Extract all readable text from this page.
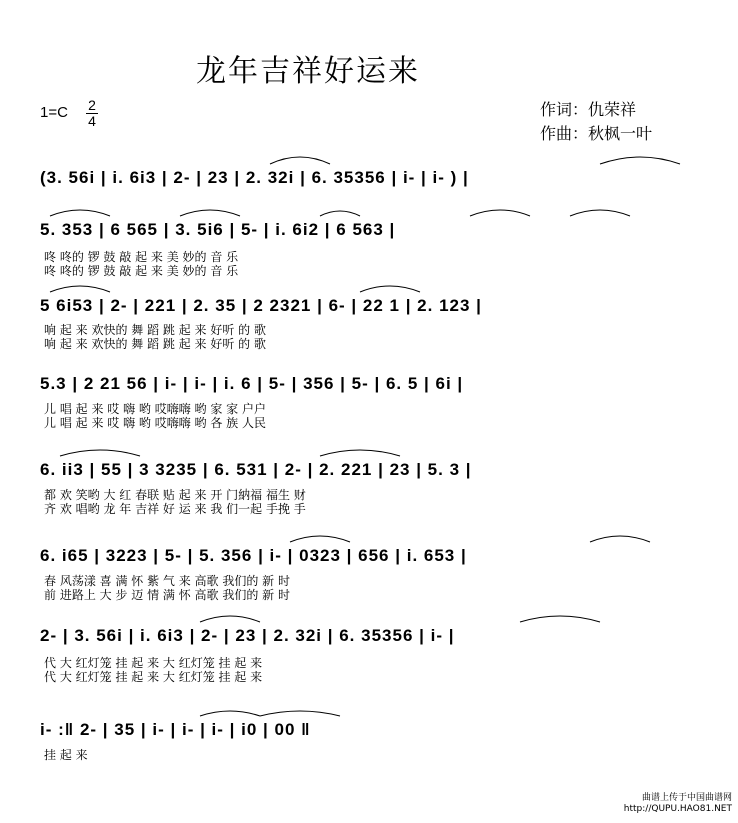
龙年吉祥好运来
1=C 2
4
作词：仇荣祥
作曲：秋枫一叶
(3. 56i | i. 6i3 | 2- | 23 | 2. 32i | 6. 35356 | i- | i- ) |
5. 353 | 6 565 | 3. 5i6 | 5- | i. 6i2 | 6 563 |
咚 咚的 锣 鼓 敲 起 来 美 妙的 音 乐
咚 咚的 锣 鼓 敲 起 来 美 妙的 音 乐
5 6i53 | 2- | 221 | 2. 35 | 2 2321 | 6- | 22 1 | 2. 123 |
响 起 来 欢快的 舞 蹈 跳 起 来 好听 的 歌
响 起 来 欢快的 舞 蹈 跳 起 来 好听 的 歌
5.3 | 2 21 56 | i- | i- | i. 6 | 5- | 356 | 5- | 6. 5 | 6i |
儿 唱 起 来 哎 嗨 哟 哎嗨嗨 哟 家 家 户户
儿 唱 起 来 哎 嗨 哟 哎嗨嗨 哟 各 族 人民
6. ii3 | 55 | 3 3235 | 6. 531 | 2- | 2. 221 | 23 | 5. 3 |
都 欢 笑哟 大 红 春联 贴 起 来 开 门納福 福生 财
齐 欢 唱哟 龙 年 吉祥 好 运 来 我 们一起 手挽 手
6. i65 | 3223 | 5- | 5. 356 | i- | 0323 | 656 | i. 653 |
春 风荡漾 喜 满 怀 紫 气 来 高歌 我们的 新 时
前 进路上 大 步 迈 情 满 怀 高歌 我们的 新 时
2- | 3. 56i | i. 6i3 | 2- | 23 | 2. 32i | 6. 35356 | i- |
代 大 红灯笼 挂 起 来 大 红灯笼 挂 起 来
代 大 红灯笼 挂 起 来 大 红灯笼 挂 起 来
i- :‖ 2- | 35 | i- | i- | i- | i0 | 00 ‖
挂 起 来
曲谱上传于中国曲谱网
http://QUPU.HAO81.NET
